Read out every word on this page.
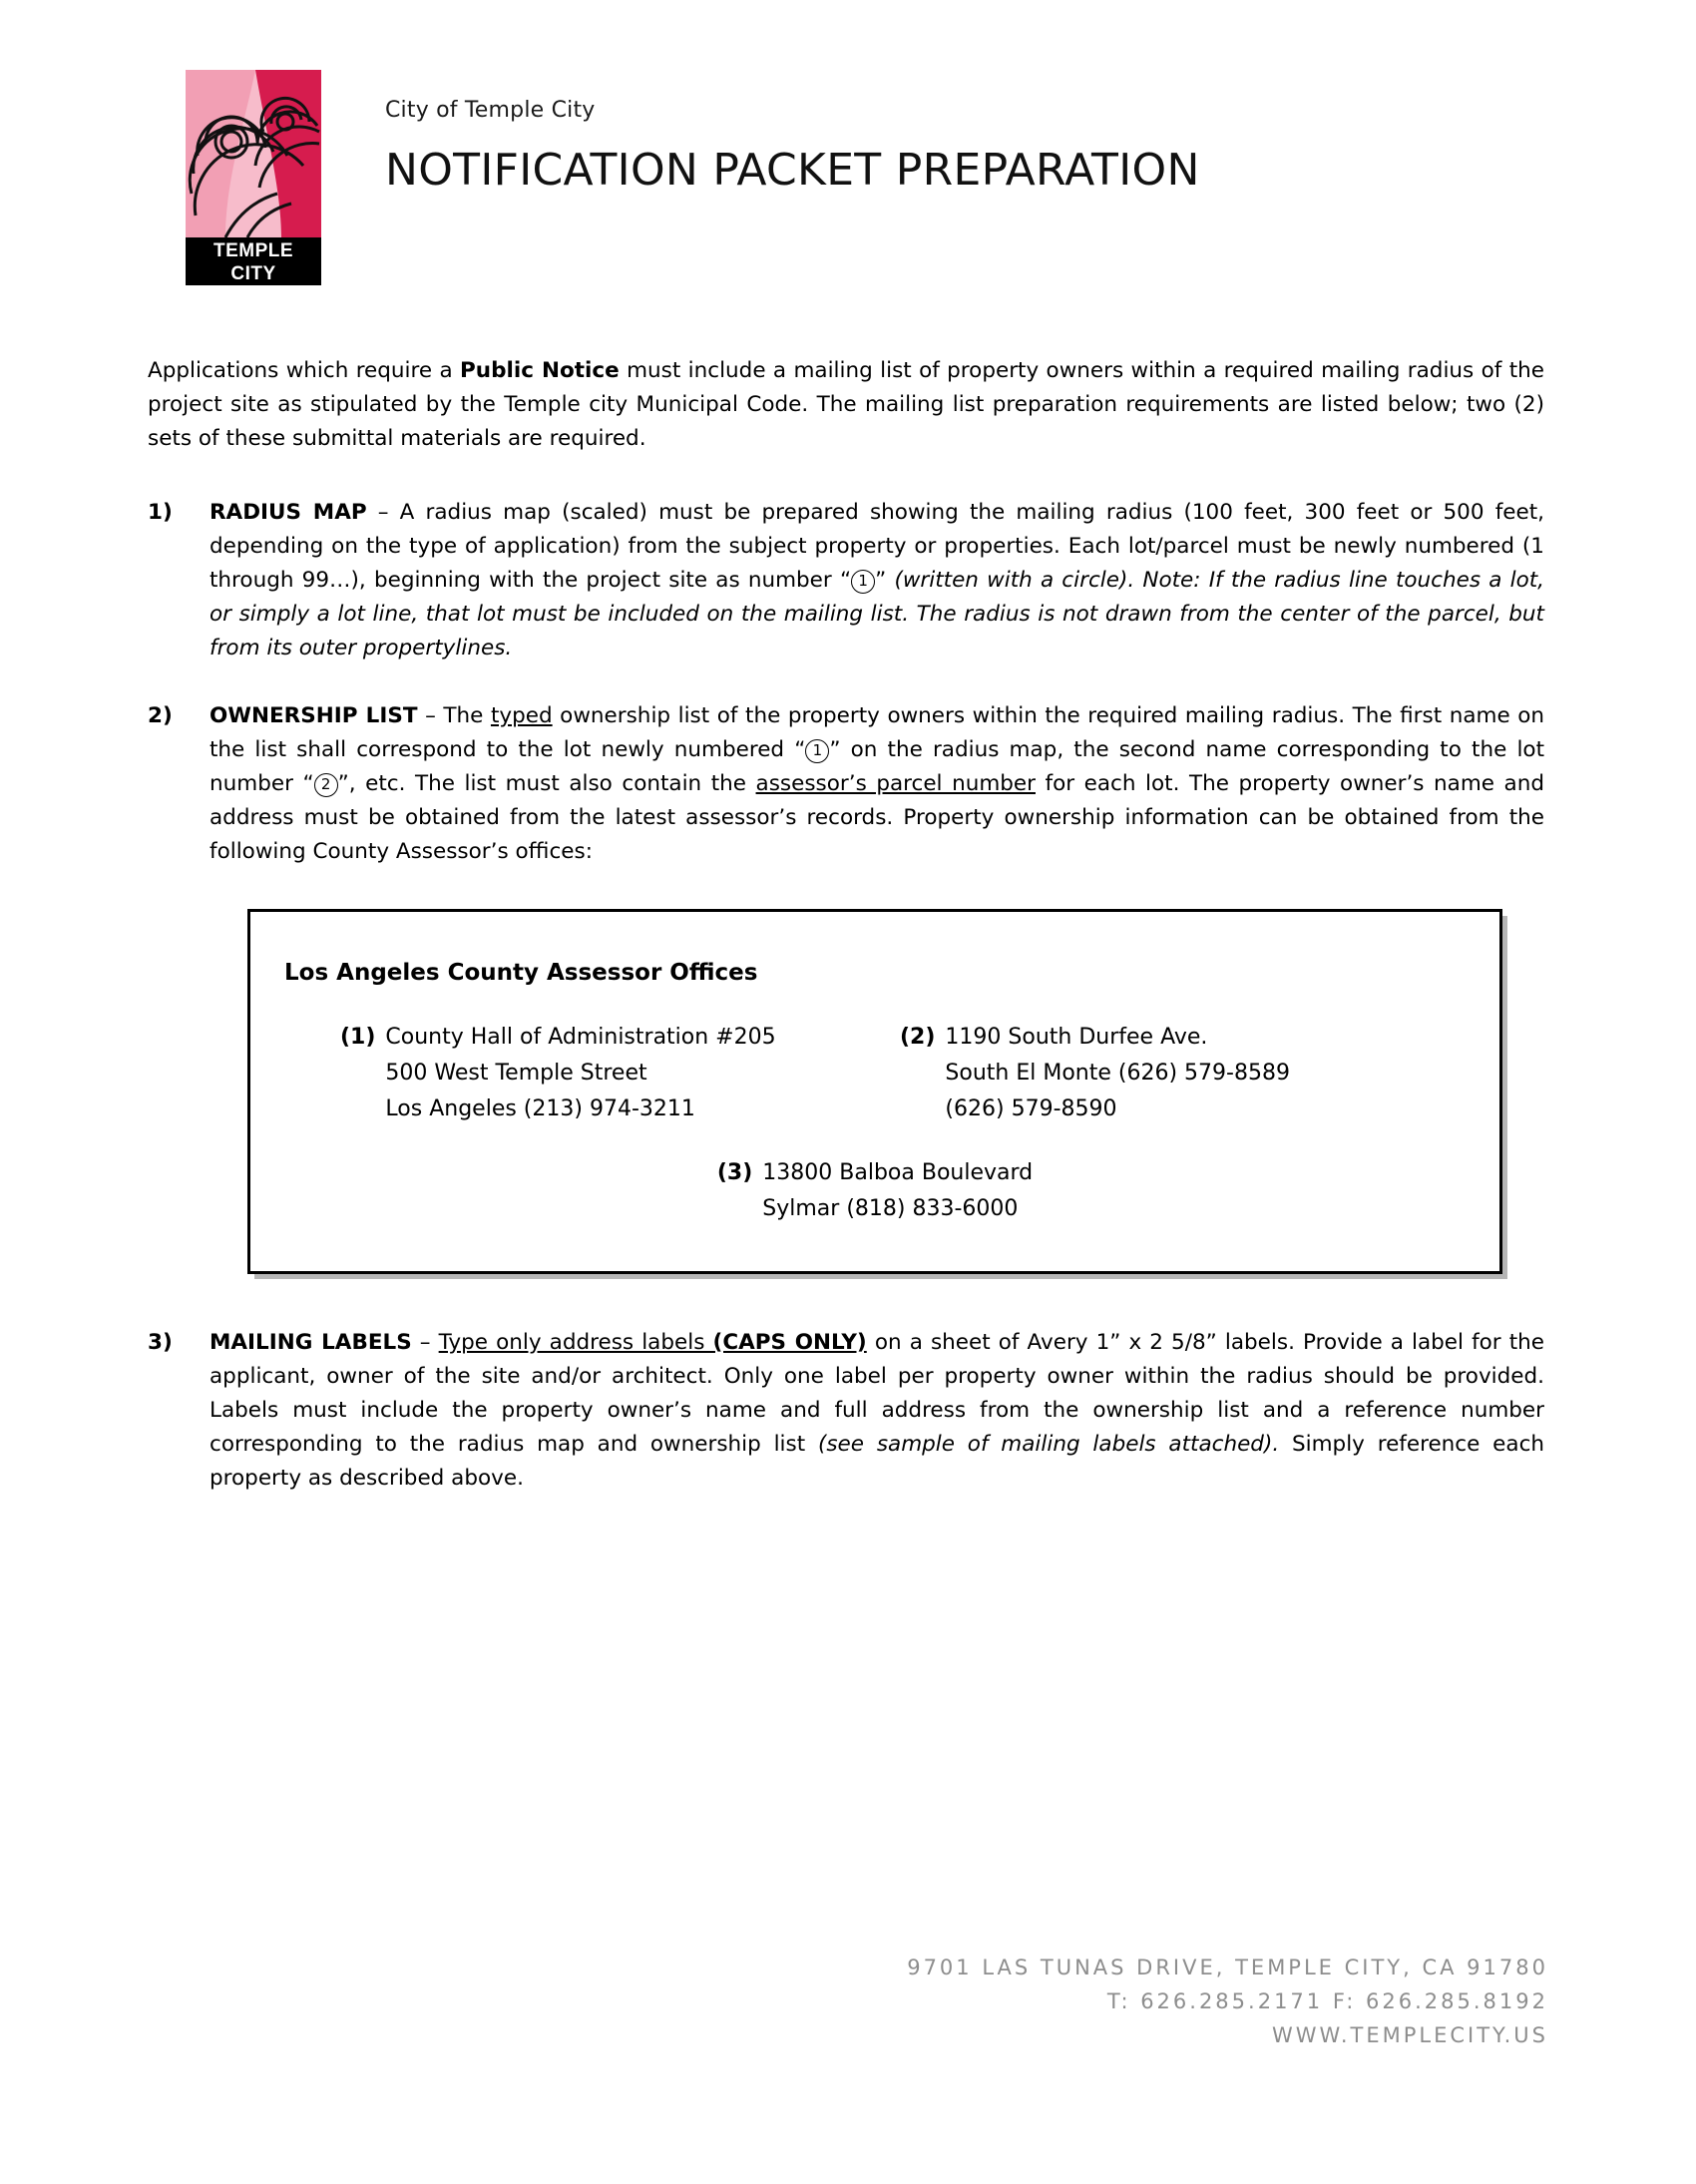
TEMPLE
CITY
City of Temple City
NOTIFICATION PACKET PREPARATION

Applications which require a Public Notice must include a mailing list of property owners within a required mailing radius of the project site as stipulated by the Temple city Municipal Code. The mailing list preparation requirements are listed below; two (2) sets of these submittal materials are required.

1)	RADIUS MAP – A radius map (scaled) must be prepared showing the mailing radius (100 feet, 300 feet or 500 feet, depending on the type of application) from the subject property or properties. Each lot/parcel must be newly numbered (1 through 99…), beginning with the project site as number “ 1 ” (written with a circle). Note: If the radius line touches a lot, or simply a lot line, that lot must be included on the mailing list. The radius is not drawn from the center of the parcel, but from its outer propertylines.
2)	OWNERSHIP LIST – The typed ownership list of the property owners within the required mailing radius. The first name on the list shall correspond to the lot newly numbered “ 1 ” on the radius map, the second name corresponding to the lot number “ 2 ”, etc. The list must also contain the assessor’s parcel number for each lot. The property owner’s name and address must be obtained from the latest assessor’s records. Property ownership information can be obtained from the following County Assessor’s offices:
Los Angeles County Assessor Offices
(1) County Hall of Administration #205
500 West Temple Street
Los Angeles (213) 974-3211
(2) 1190 South Durfee Ave.
South El Monte (626) 579-8589
(626) 579-8590
(3) 13800 Balboa Boulevard
Sylmar (818) 833-6000
3)	MAILING LABELS – Type only address labels (CAPS ONLY) on a sheet of Avery 1” x 2 5/8” labels. Provide a label for the applicant, owner of the site and/or architect. Only one label per property owner within the radius should be provided. Labels must include the property owner’s name and full address from the ownership list and a reference number corresponding to the radius map and ownership list (see sample of mailing labels attached). Simply reference each property as described above.
9701 LAS TUNAS DRIVE, TEMPLE CITY, CA 91780
T: 626.285.2171 F: 626.285.8192
WWW.TEMPLECITY.US
